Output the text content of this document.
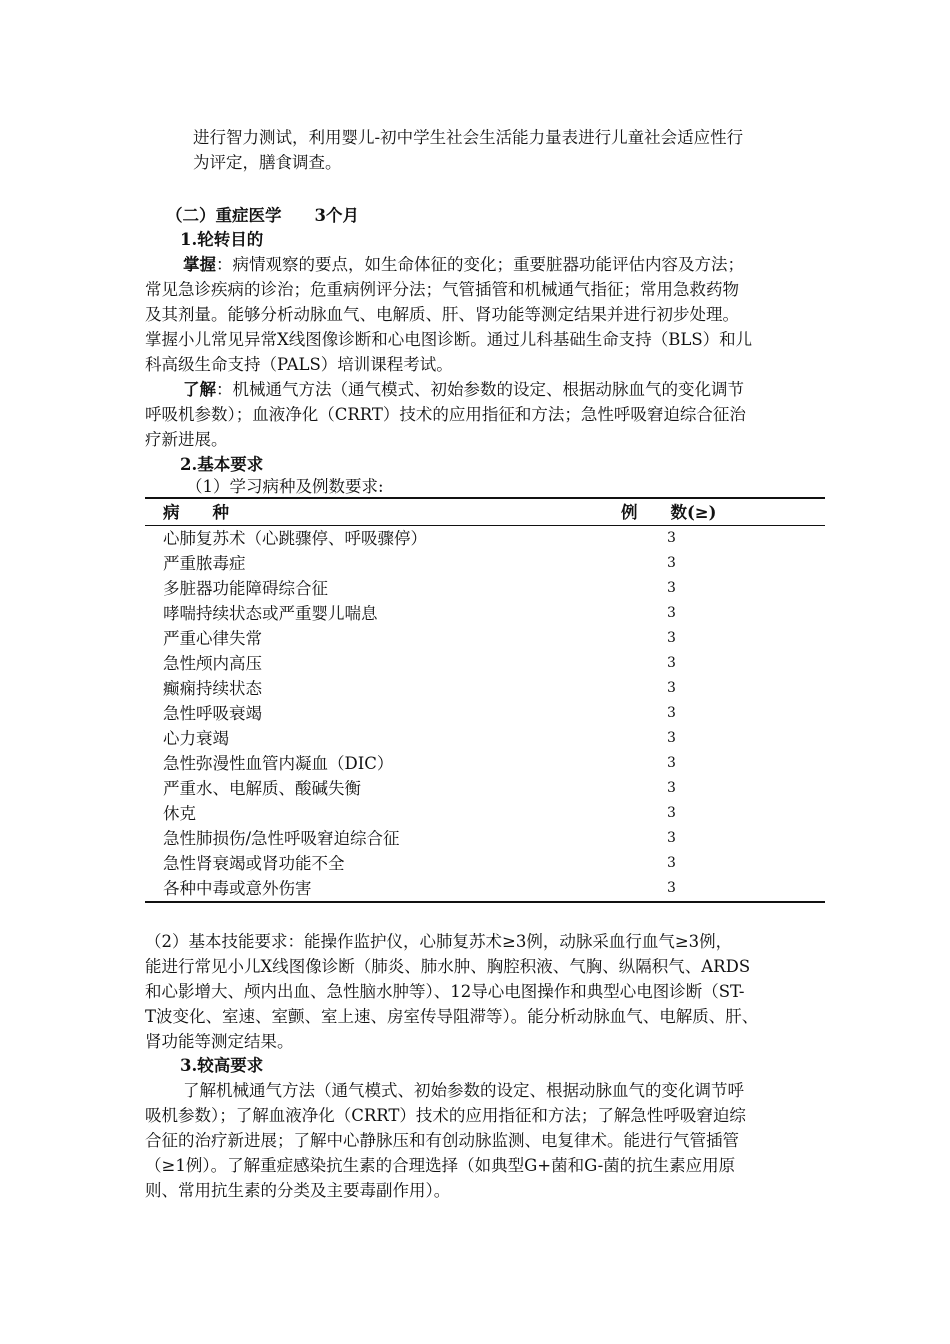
进行智力测试，利用婴儿-初中学生社会生活能力量表进行儿童社会适应性行
为评定，膳食调查。
（二）重症医学　　3个月
1.轮转目的
掌握：病情观察的要点，如生命体征的变化；重要脏器功能评估内容及方法；
常见急诊疾病的诊治；危重病例评分法；气管插管和机械通气指征；常用急救药物
及其剂量。能够分析动脉血气、电解质、肝、肾功能等测定结果并进行初步处理。
掌握小儿常见异常X线图像诊断和心电图诊断。通过儿科基础生命支持（BLS）和儿
科高级生命支持（PALS）培训课程考试。
了解：机械通气方法（通气模式、初始参数的设定、根据动脉血气的变化调节
呼吸机参数）；血液净化（CRRT）技术的应用指征和方法；急性呼吸窘迫综合征治
疗新进展。
2.基本要求
（1）学习病种及例数要求:
病　　种	例　　数(≥)
心肺复苏术（心跳骤停、呼吸骤停）	3
严重脓毒症	3
多脏器功能障碍综合征	3
哮喘持续状态或严重婴儿喘息	3
严重心律失常	3
急性颅内高压	3
癫痫持续状态	3
急性呼吸衰竭	3
心力衰竭	3
急性弥漫性血管内凝血（DIC）	3
严重水、电解质、酸碱失衡	3
休克	3
急性肺损伤/急性呼吸窘迫综合征	3
急性肾衰竭或肾功能不全	3
各种中毒或意外伤害	3
（2）基本技能要求：能操作监护仪，心肺复苏术≥3例，动脉采血行血气≥3例，
能进行常见小儿X线图像诊断（肺炎、肺水肿、胸腔积液、气胸、纵隔积气、ARDS
和心影增大、颅内出血、急性脑水肿等）、12导心电图操作和典型心电图诊断（ST-
T波变化、室速、室颤、室上速、房室传导阻滞等）。能分析动脉血气、电解质、肝、
肾功能等测定结果。
3.较高要求
了解机械通气方法（通气模式、初始参数的设定、根据动脉血气的变化调节呼
吸机参数）；了解血液净化（CRRT）技术的应用指征和方法；了解急性呼吸窘迫综
合征的治疗新进展；了解中心静脉压和有创动脉监测、电复律术。能进行气管插管
（≥1例）。了解重症感染抗生素的合理选择（如典型G+菌和G-菌的抗生素应用原
则、常用抗生素的分类及主要毒副作用）。
